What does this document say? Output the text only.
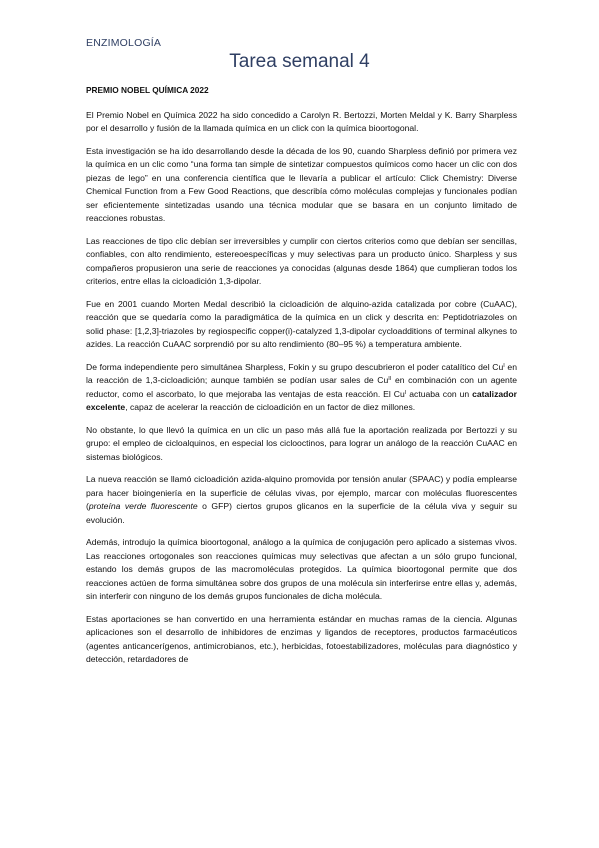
ENZIMOLOGÍA
Tarea semanal 4
PREMIO NOBEL QUÍMICA 2022

El Premio Nobel en Química 2022 ha sido concedido a Carolyn R. Bertozzi, Morten Meldal y K. Barry Sharpless por el desarrollo y fusión de la llamada química en un click con la química bioortogonal.

Esta investigación se ha ido desarrollando desde la década de los 90, cuando Sharpless definió por primera vez la química en un clic como “una forma tan simple de sintetizar compuestos químicos como hacer un clic con dos piezas de lego” en una conferencia científica que le llevaría a publicar el artículo: Click Chemistry: Diverse Chemical Function from a Few Good Reactions, que describía cómo moléculas complejas y funcionales podían ser eficientemente sintetizadas usando una técnica modular que se basara en un conjunto limitado de reacciones robustas.

Las reacciones de tipo clic debían ser irreversibles y cumplir con ciertos criterios como que debían ser sencillas, confiables, con alto rendimiento, estereoespecíficas y muy selectivas para un producto único. Sharpless y sus compañeros propusieron una serie de reacciones ya conocidas (algunas desde 1864) que cumplieran todos los criterios, entre ellas la cicloadición 1,3-dipolar.

Fue en 2001 cuando Morten Medal describió la cicloadición de alquino-azida catalizada por cobre (CuAAC), reacción que se quedaría como la paradigmática de la química en un click y descrita en: Peptidotriazoles on solid phase: [1,2,3]-triazoles by regiospecific copper(i)-catalyzed 1,3-dipolar cycloadditions of terminal alkynes to azides. La reacción CuAAC sorprendió por su alto rendimiento (80–95 %) a temperatura ambiente.

De forma independiente pero simultánea Sharpless, Fokin y su grupo descubrieron el poder catalítico del $Cu^I$ en la reacción de 1,3-cicloadición; aunque también se podían usar sales de $Cu^{II}$ en combinación con un agente reductor, como el ascorbato, lo que mejoraba las ventajas de esta reacción. El $Cu^I$ actuaba con un catalizador excelente, capaz de acelerar la reacción de cicloadición en un factor de diez millones.

No obstante, lo que llevó la química en un clic un paso más allá fue la aportación realizada por Bertozzi y su grupo: el empleo de cicloalquinos, en especial los ciclooctinos, para lograr un análogo de la reacción CuAAC en sistemas biológicos.

La nueva reacción se llamó cicloadición azida-alquino promovida por tensión anular (SPAAC) y podía emplearse para hacer bioingeniería en la superficie de células vivas, por ejemplo, marcar con moléculas fluorescentes (proteína verde fluorescente o GFP) ciertos grupos glicanos en la superficie de la célula viva y seguir su evolución.

Además, introdujo la química bioortogonal, análogo a la química de conjugación pero aplicado a sistemas vivos. Las reacciones ortogonales son reacciones químicas muy selectivas que afectan a un sólo grupo funcional, estando los demás grupos de las macromoléculas protegidos. La química bioortogonal permite que dos reacciones actúen de forma simultánea sobre dos grupos de una molécula sin interferirse entre ellas y, además, sin interferir con ninguno de los demás grupos funcionales de dicha molécula.

Estas aportaciones se han convertido en una herramienta estándar en muchas ramas de la ciencia. Algunas aplicaciones son el desarrollo de inhibidores de enzimas y ligandos de receptores, productos farmacéuticos (agentes anticancerígenos, antimicrobianos, etc.), herbicidas, fotoestabilizadores, moléculas para diagnóstico y detección, retardadores de
